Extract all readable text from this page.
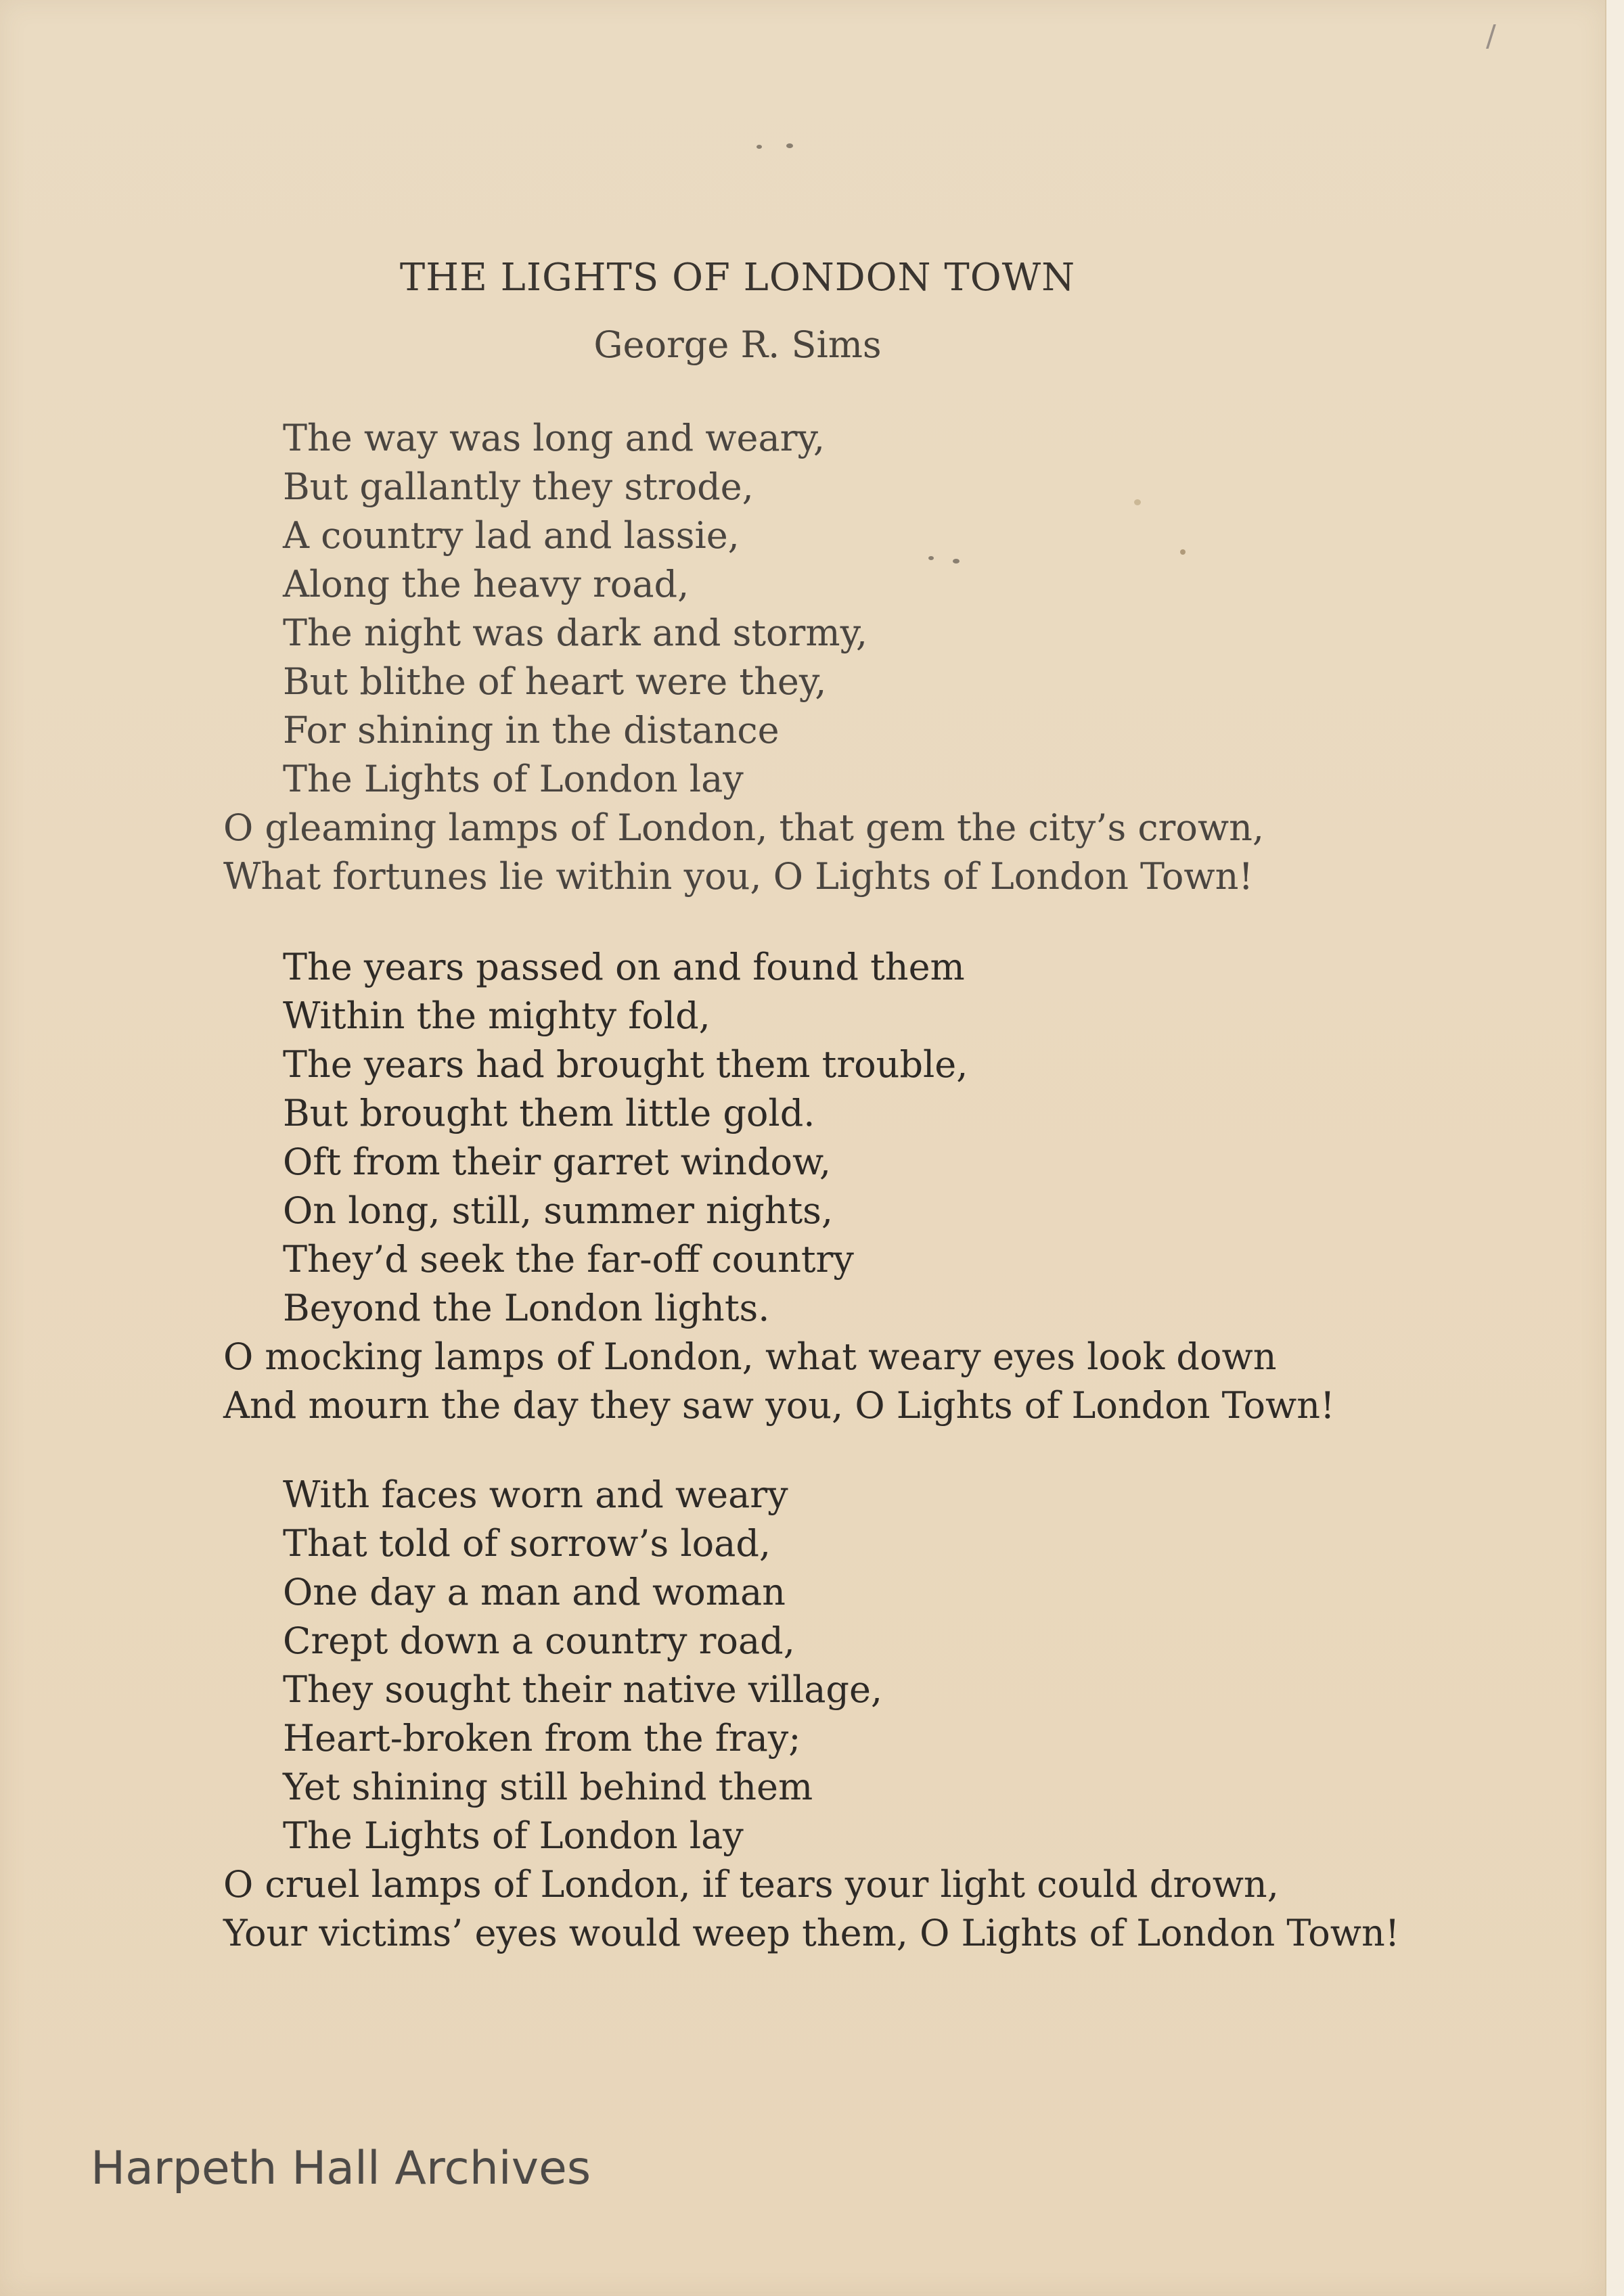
/
THE LIGHTS OF LONDON TOWN

George R. Sims

The way was long and weary,
But gallantly they strode,
A country lad and lassie,
Along the heavy road,
The night was dark and stormy,
But blithe of heart were they,
For shining in the distance
The Lights of London lay
O gleaming lamps of London, that gem the city’s crown,
What fortunes lie within you, O Lights of London Town!
The years passed on and found them
Within the mighty fold,
The years had brought them trouble,
But brought them little gold.
Oft from their garret window,
On long, still, summer nights,
They’d seek the far-off country
Beyond the London lights.
O mocking lamps of London, what weary eyes look down
And mourn the day they saw you, O Lights of London Town!
With faces worn and weary
That told of sorrow’s load,
One day a man and woman
Crept down a country road,
They sought their native village,
Heart-broken from the fray;
Yet shining still behind them
The Lights of London lay
O cruel lamps of London, if tears your light could drown,
Your victims’ eyes would weep them, O Lights of London Town!
Harpeth Hall Archives
